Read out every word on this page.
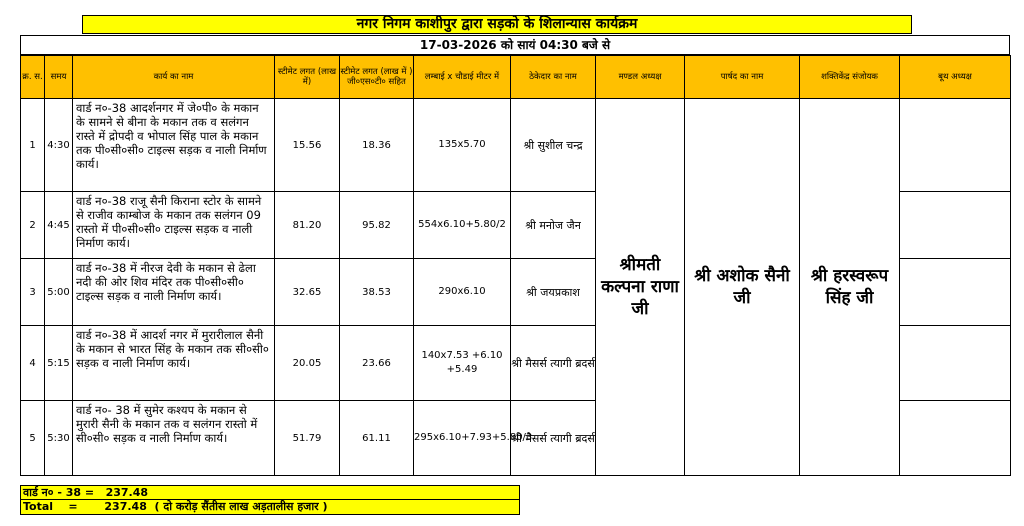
नगर निगम काशीपुर द्वारा सड़को के शिलान्यास कार्यक्रम
17-03-2026 को सायं 04:30 बजे से
क्र. स.	समय	कार्य का नाम	स्टीमेट लगत (लाख में)	स्टीमेट लगत (लाख में ) जी०एस०टी० सहित	लम्बाई x चौडाई मीटर में	ठेकेदार का नाम	मण्डल अध्यक्ष	पार्षद का नाम	शक्तिकेंद्र संजोयक	बूथ अध्यक्ष
1	4:30	वार्ड न०-38 आदर्शनगर में जे०पी० के मकान के सामने से बीना के मकान तक व सलंगन रास्ते में द्रोपदी व भोपाल सिंह पाल के मकान तक पी०सी०सी० टाइल्स सड़क व नाली निर्माण कार्य।	15.56	18.36	135x5.70	श्री सुशील चन्द्र	श्रीमती कल्पना राणा जी	श्री अशोक सैनी जी	श्री हरस्वरूप सिंह जी	
2	4:45	वार्ड न०-38 राजू सैनी किराना स्टोर के सामने से राजीव काम्बोज के मकान तक सलंगन 09 रास्तो में पी०सी०सी० टाइल्स सड़क व नाली निर्माण कार्य।	81.20	95.82	554x6.10+5.80/2	श्री मनोज जैन				
3	5:00	वार्ड न०-38 में नीरज देवी के मकान से ढेला नदी की ओर शिव मंदिर तक पी०सी०सी० टाइल्स सड़क व नाली निर्माण कार्य।	32.65	38.53	290x6.10	श्री जयप्रकाश				
4	5:15	वार्ड न०-38 में आदर्श नगर में मुरारीलाल सैनी के मकान से भारत सिंह के मकान तक सी०सी० सड़क व नाली निर्माण कार्य।	20.05	23.66	140x7.53 +6.10 +5.49	श्री मैसर्स त्यागी ब्रदर्स				
5	5:30	वार्ड न०- 38 में सुमेर कश्यप के मकान से मुरारी सैनी के मकान तक व सलंगन रास्तो में सी०सी० सड़क व नाली निर्माण कार्य।	51.79	61.11	295x6.10+7.93+5.80/3	श्री मैसर्स त्यागी ब्रदर्स				
वार्ड न० - 38 =   237.48
Total    =       237.48  ( दो करोड़ सैंतीस लाख अड़तालीस हजार )
